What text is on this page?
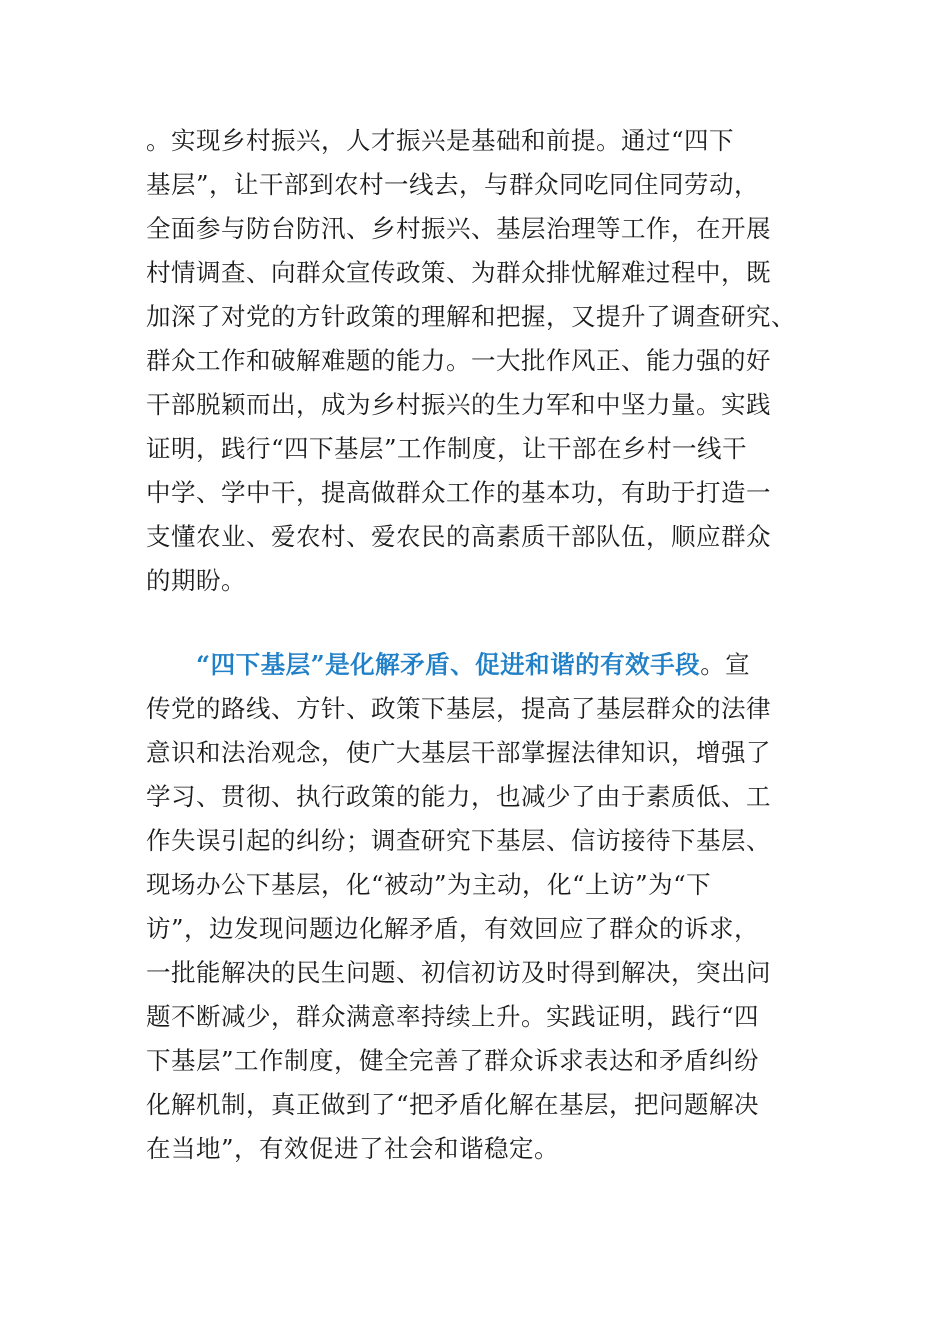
。实现乡村振兴，人才振兴是基础和前提。通过“四下
基层”，让干部到农村一线去，与群众同吃同住同劳动，
全面参与防台防汛、乡村振兴、基层治理等工作，在开展
村情调查、向群众宣传政策、为群众排忧解难过程中，既
加深了对党的方针政策的理解和把握，又提升了调查研究、
群众工作和破解难题的能力。一大批作风正、能力强的好
干部脱颖而出，成为乡村振兴的生力军和中坚力量。实践
证明，践行“四下基层”工作制度，让干部在乡村一线干
中学、学中干，提高做群众工作的基本功，有助于打造一
支懂农业、爱农村、爱农民的高素质干部队伍，顺应群众
的期盼。
　　“四下基层”是化解矛盾、促进和谐的有效手段。宣
传党的路线、方针、政策下基层，提高了基层群众的法律
意识和法治观念，使广大基层干部掌握法律知识，增强了
学习、贯彻、执行政策的能力，也减少了由于素质低、工
作失误引起的纠纷；调查研究下基层、信访接待下基层、
现场办公下基层，化“被动”为主动，化“上访”为“下
访”，边发现问题边化解矛盾，有效回应了群众的诉求，
一批能解决的民生问题、初信初访及时得到解决，突出问
题不断减少，群众满意率持续上升。实践证明，践行“四
下基层”工作制度，健全完善了群众诉求表达和矛盾纠纷
化解机制，真正做到了“把矛盾化解在基层，把问题解决
在当地”，有效促进了社会和谐稳定。
